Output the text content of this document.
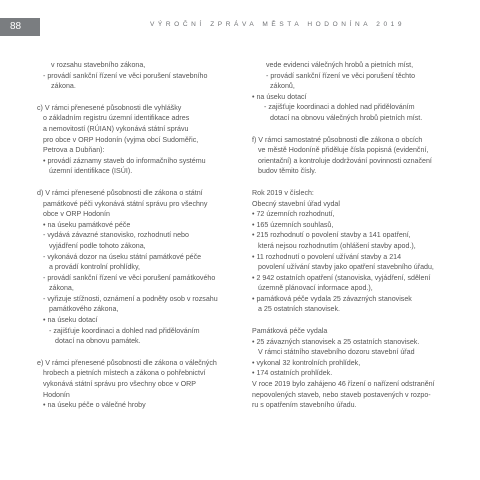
88	VÝROČNÍ ZPRÁVA MĚSTA HODONÍNA 2019
v rozsahu stavebního zákona,
- provádí sankční řízení ve věci porušení stavebního
zákona.
c) V rámci přenesené působnosti dle vyhlášky
o základním registru územní identifikace adres
a nemovitostí (RÚIAN) vykonává státní správu
pro obce v ORP Hodonín (vyjma obcí Sudoměřic,
Petrova a Dubňan):
• provádí záznamy staveb do informačního systému
územní identifikace (ISÚI).
d) V rámci přenesené působnosti dle zákona o státní
památkové péči vykonává státní správu pro všechny
obce v ORP Hodonín
• na úseku památkové péče
- vydává závazné stanovisko, rozhodnutí nebo
vyjádření podle tohoto zákona,
- vykonává dozor na úseku státní památkové péče
a provádí kontrolní prohlídky,
- provádí sankční řízení ve věci porušení památkového
zákona,
- vyřizuje stížnosti, oznámení a podněty osob v rozsahu
památkového zákona,
• na úseku dotací
- zajišťuje koordinaci a dohled nad přidělováním
dotací na obnovu památek.
e) V rámci přenesené působnosti dle zákona o válečných
hrobech a pietních místech a zákona o pohřebnictví
vykonává státní správu pro všechny obce v ORP
Hodonín
• na úseku péče o válečné hroby
vede evidenci válečných hrobů a pietních míst,
- provádí sankční řízení ve věci porušení těchto
zákonů,
• na úseku dotací
- zajišťuje koordinaci a dohled nad přidělováním
dotací na obnovu válečných hrobů pietních míst.
f) V rámci samostatné působnosti dle zákona o obcích
ve městě Hodoníně přiděluje čísla popisná (evidenční,
orientační) a kontroluje dodržování povinnosti označení
budov těmito čísly.
Rok 2019 v číslech:
Obecný stavební úřad vydal
• 72 územních rozhodnutí,
• 165 územních souhlasů,
• 215 rozhodnutí o povolení stavby a 141 opatření,
která nejsou rozhodnutím (ohlášení stavby apod.),
• 11 rozhodnutí o povolení užívání stavby a 214
povolení užívání stavby jako opatření stavebního úřadu,
• 2 942 ostatních opatření (stanoviska, vyjádření, sdělení
územně plánovací informace apod.),
• památková péče vydala 25 závazných stanovisek
a 25 ostatních stanovisek.
Památková péče vydala
• 25 závazných stanovisek a 25 ostatních stanovisek.
V rámci státního stavebního dozoru stavební úřad
• vykonal 32 kontrolních prohlídek,
• 174 ostatních prohlídek.
V roce 2019 bylo zahájeno 46 řízení o nařízení odstranění
nepovolených staveb, nebo staveb postavených v rozpo-
ru s opatřením stavebního úřadu.
